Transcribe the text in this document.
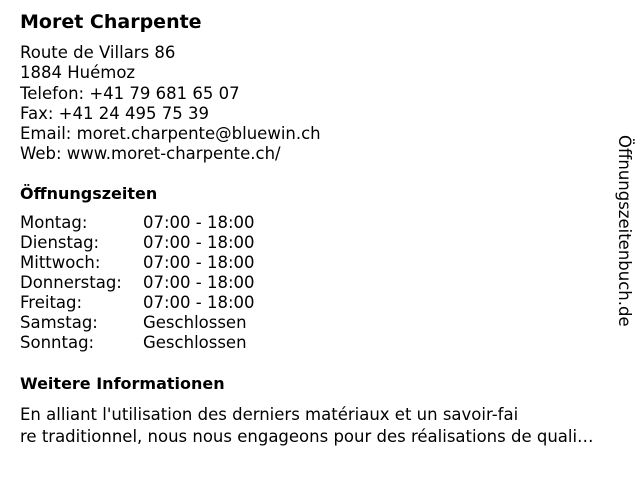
Moret Charpente
Route de Villars 86
1884 Huémoz
Telefon: +41 79 681 65 07
Fax: +41 24 495 75 39
Email: moret.charpente@bluewin.ch
Web: www.moret-charpente.ch/
Öffnungszeiten
Montag:	07:00 - 18:00
Dienstag:	07:00 - 18:00
Mittwoch:	07:00 - 18:00
Donnerstag: 07:00 - 18:00
Freitag:	07:00 - 18:00
Samstag:	Geschlossen
Sonntag:	Geschlossen
Weitere Informationen
En alliant l'utilisation des derniers matériaux et un savoir-fai
re traditionnel, nous nous engageons pour des réalisations de quali…
Öffnungszeitenbuch.de
